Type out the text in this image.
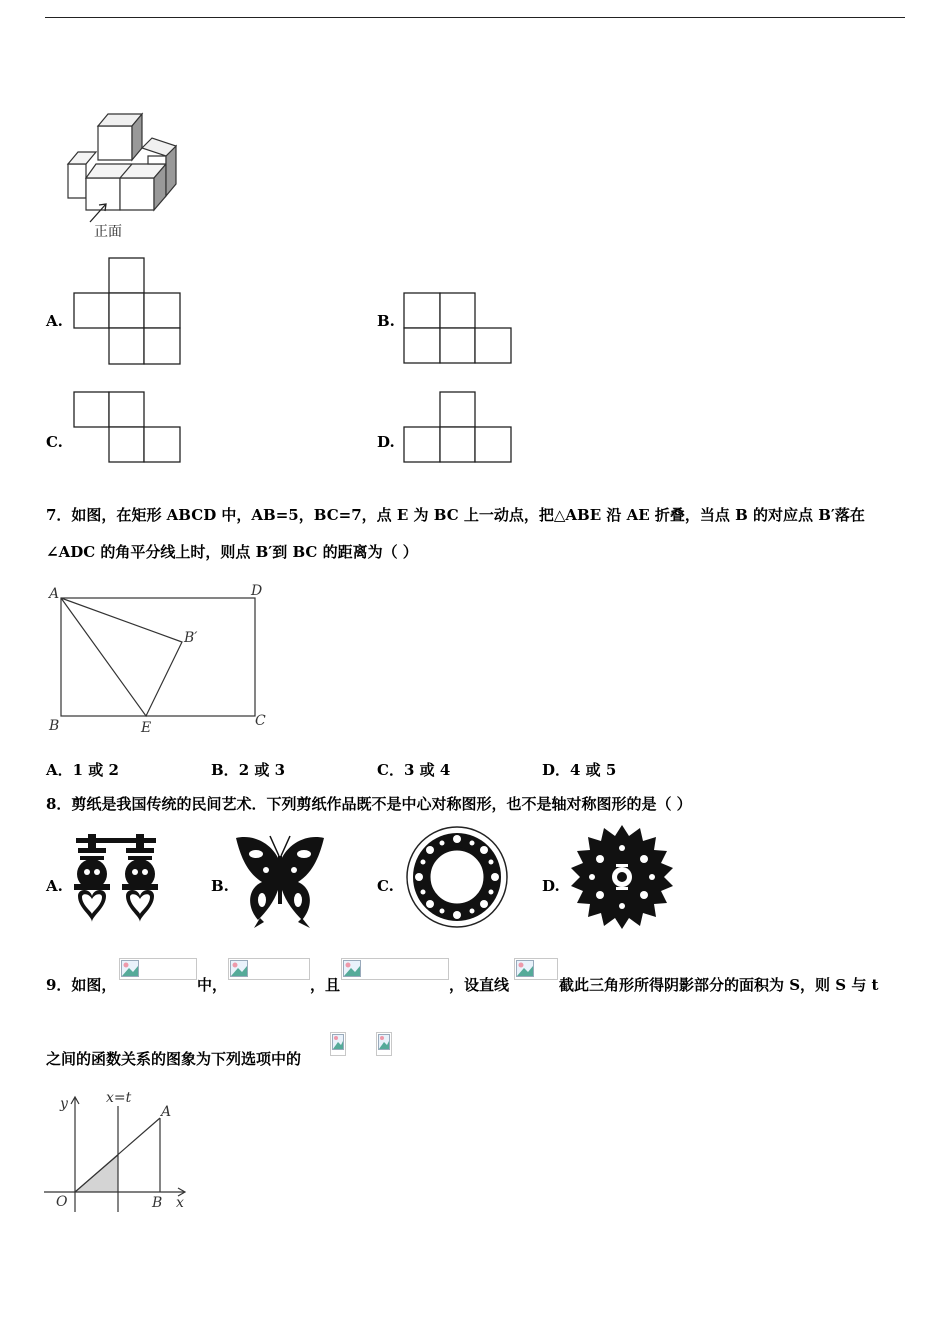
正面
A.	B.
C.	D.
7．如图，在矩形 ABCD 中，AB=5，BC=7，点 E 为 BC 上一动点，把△ABE 沿 AE 折叠，当点 B 的对应点 B′落在
∠ADC 的角平分线上时，则点 B′到 BC 的距离为（ ）
A	D
B	C
E
B′
A．1 或 2	B．2 或 3	C．3 或 4	D．4 或 5
8．剪纸是我国传统的民间艺术．下列剪纸作品既不是中心对称图形，也不是轴对称图形的是（ ）
A.	B.	C.	D.
9．如图，	中，	，且	，设直线	截此三角形所得阴影部分的面积为 S，则 S 与 t
之间的函数关系的图象为下列选项中的
y	x=t
A
O	B x
